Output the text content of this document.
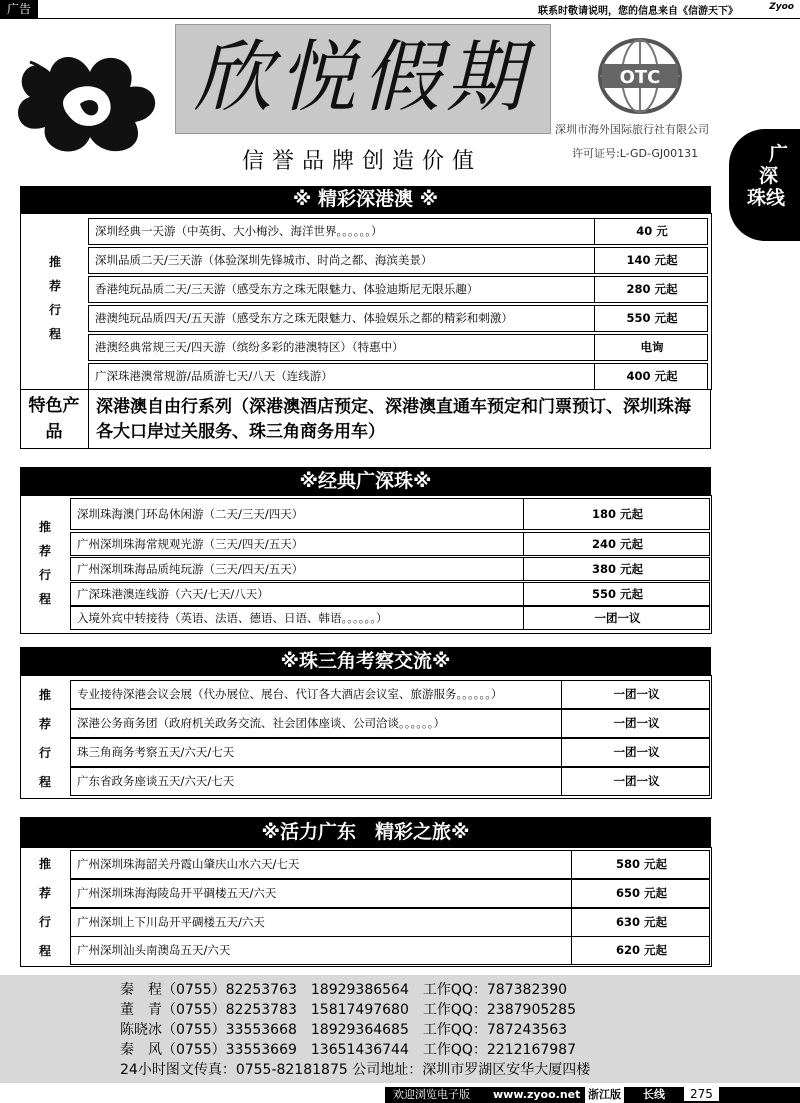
广告	联系时敬请说明，您的信息来自《信游天下》	Zyoo
欣悦假期	OTC
深圳市海外国际旅行社有限公司
信誉品牌创造价值	许可证号:L-GD-GJ00131	广
深
珠线
※ 精彩深港澳 ※
推
荐
行
程
深圳经典一天游（中英街、大小梅沙、海洋世界。。。。。。）	40 元
深圳品质二天/三天游（体验深圳先锋城市、时尚之都、海滨美景）	140 元起
香港纯玩品质二天/三天游（感受东方之珠无限魅力、体验迪斯尼无限乐趣）	280 元起
港澳纯玩品质四天/五天游（感受东方之珠无限魅力、体验娱乐之都的精彩和刺激）	550 元起
港澳经典常规三天/四天游（缤纷多彩的港澳特区）（特惠中）	电询
广深珠港澳常规游/品质游七天/八天（连线游）	400 元起
特色产品
深港澳自由行系列（深港澳酒店预定、深港澳直通车预定和门票预订、深圳珠海各大口岸过关服务、珠三角商务用车）
※经典广深珠※
推
荐
行
程
深圳珠海澳门环岛休闲游（二天/三天/四天）	180 元起
广州深圳珠海常规观光游（三天/四天/五天）	240 元起
广州深圳珠海品质纯玩游（三天/四天/五天）	380 元起
广深珠港澳连线游（六天/七天/八天）	550 元起
入境外宾中转接待（英语、法语、德语、日语、韩语。。。。。。）	一团一议
※珠三角考察交流※
推
荐
行
程
专业接待深港会议会展（代办展位、展台、代订各大酒店会议室、旅游服务。。。。。。）	一团一议
深港公务商务团（政府机关政务交流、社会团体座谈、公司洽谈。。。。。。）	一团一议
珠三角商务考察五天/六天/七天	一团一议
广东省政务座谈五天/六天/七天	一团一议
※活力广东　精彩之旅※
推
荐
行
程
广州深圳珠海韶关丹霞山肇庆山水六天/七天	580 元起
广州深圳珠海海陵岛开平碉楼五天/六天	650 元起
广州深圳上下川岛开平碉楼五天/六天	630 元起
广州深圳汕头南澳岛五天/六天	620 元起
秦　程（0755）82253763　18929386564　工作QQ：787382390
董　青（0755）82253783　15817497680　工作QQ：2387905285
陈晓冰（0755）33553668　18929364685　工作QQ：787243563
秦　风（0755）33553669　13651436744　工作QQ：2212167987
24小时图文传真：0755-82181875 公司地址：深圳市罗湖区安华大厦四楼
欢迎浏览电子版 www.zyoo.net 浙江版 长线	275
